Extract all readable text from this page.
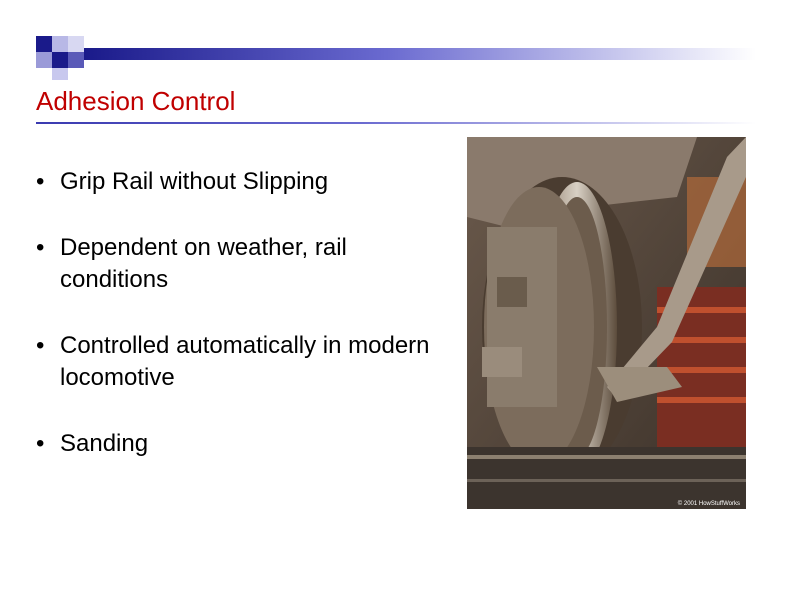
Adhesion Control
• Grip Rail without Slipping
• Dependent on weather, rail conditions
• Controlled automatically in modern locomotive
• Sanding
© 2001 HowStuffWorks
